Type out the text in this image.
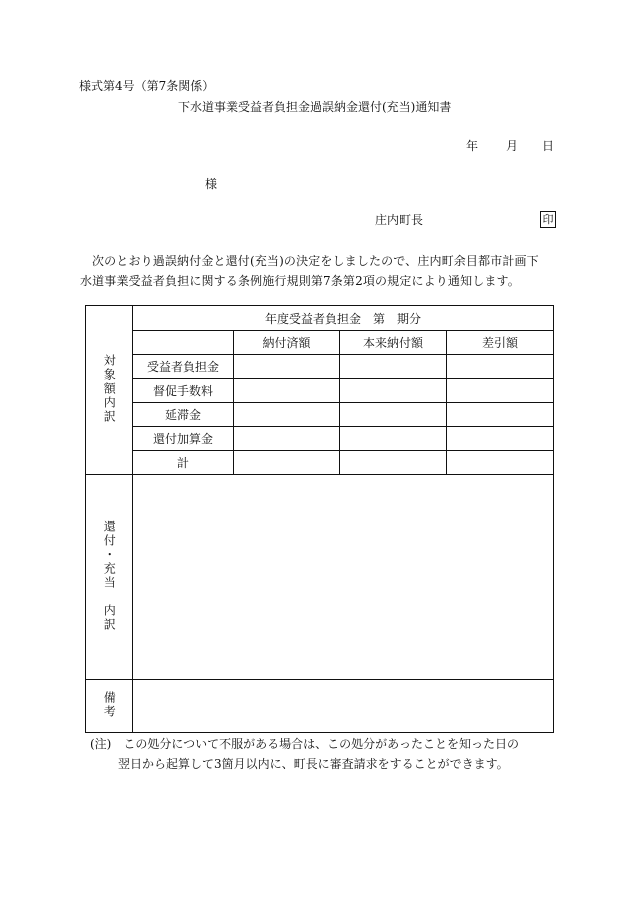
様式第4号（第7条関係）
下水道事業受益者負担金過誤納金還付(充当)通知書
年 月 日
様
庄内町長	印
次のとおり過誤納付金と還付(充当)の決定をしましたので、庄内町余目都市計画下
水道事業受益者負担に関する条例施行規則第7条第2項の規定により通知します。
対象額内訳	年度受益者負担金　第　期分			
		納付済額	本来納付額	差引額
	受益者負担金			
	督促手数料			
	延滞金			
	還付加算金			
	計			
還付・充当　内訳				
備考				
(注)　この処分について不服がある場合は、この処分があったことを知った日の
翌日から起算して3箇月以内に、町長に審査請求をすることができます。
